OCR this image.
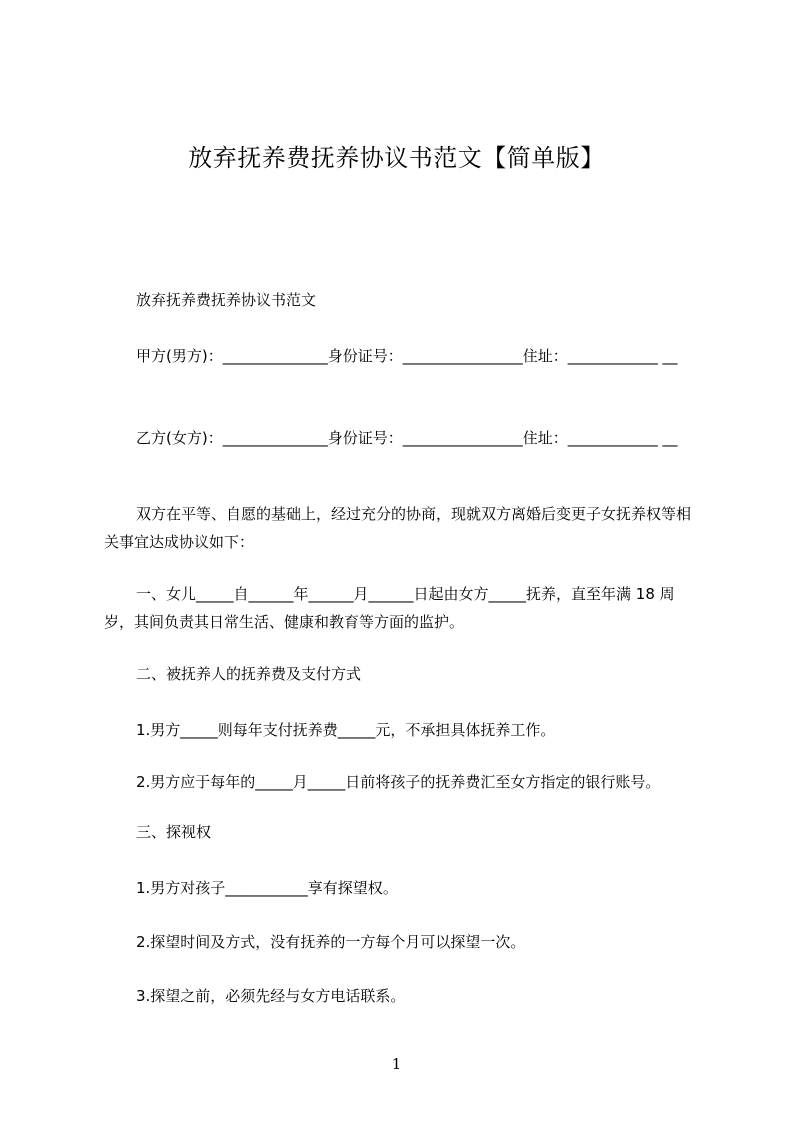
放弃抚养费抚养协议书范文【简单版】
放弃抚养费抚养协议书范文
甲方(男方)：______________身份证号：________________住址：____________ __
乙方(女方)：______________身份证号：________________住址：____________ __
双方在平等、自愿的基础上，经过充分的协商，现就双方离婚后变更子女抚养权等相关事宜达成协议如下：
一、女儿_____自______年______月______日起由女方_____抚养，直至年满 18 周岁，其间负责其日常生活、健康和教育等方面的监护。
二、被抚养人的抚养费及支付方式
1.男方_____则每年支付抚养费_____元，不承担具体抚养工作。
2.男方应于每年的_____月_____日前将孩子的抚养费汇至女方指定的银行账号。
三、探视权
1.男方对孩子___________享有探望权。
2.探望时间及方式，没有抚养的一方每个月可以探望一次。
3.探望之前，必须先经与女方电话联系。
1
